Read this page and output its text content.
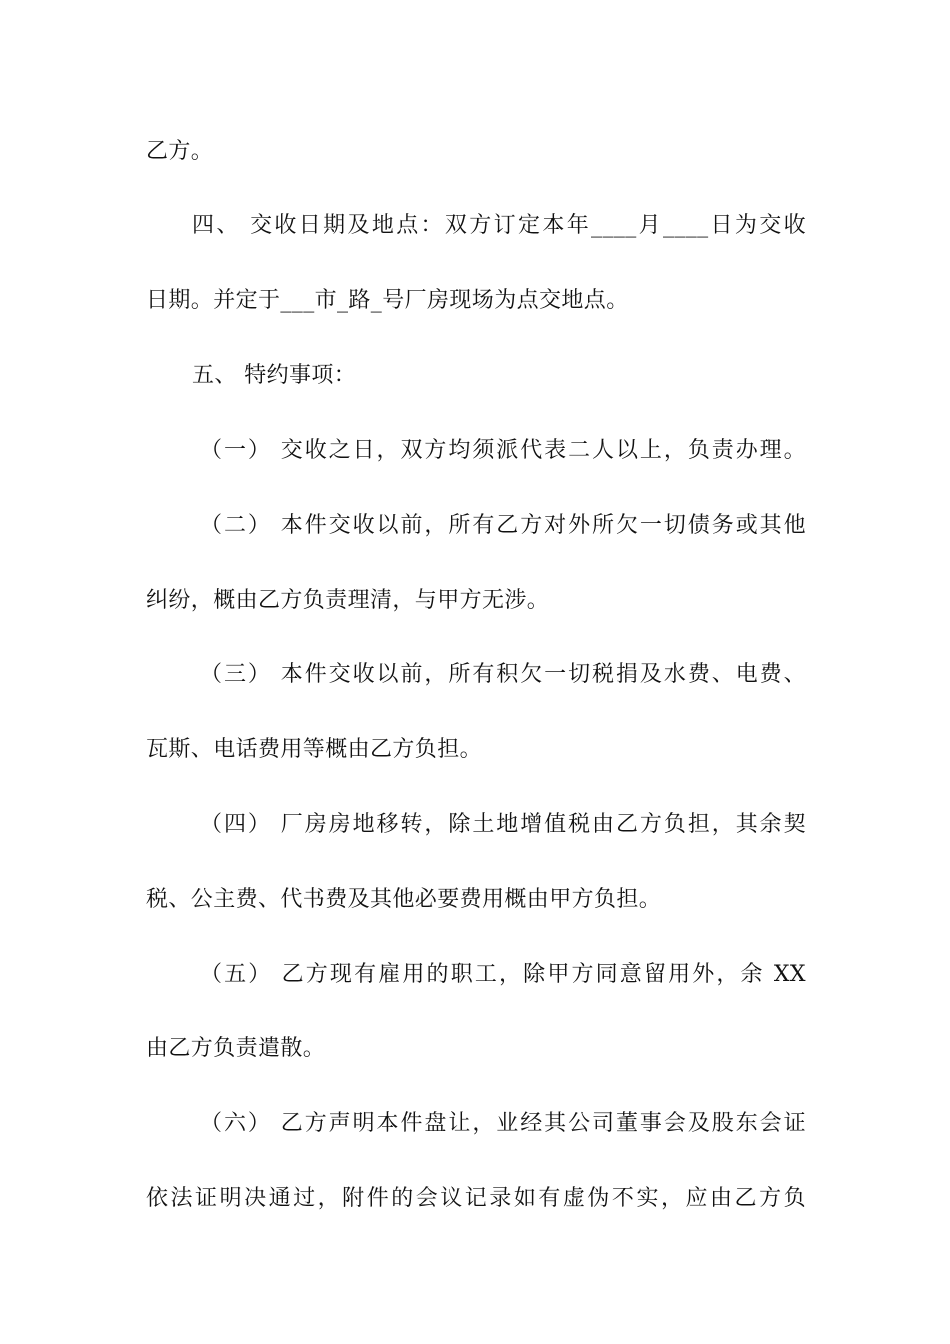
乙方。
四、 交收日期及地点：双方订定本年____月____日为交收
日期。并定于___市_路_号厂房现场为点交地点。
五、 特约事项：
（一） 交收之日，双方均须派代表二人以上，负责办理。
（二） 本件交收以前，所有乙方对外所欠一切债务或其他
纠纷，概由乙方负责理清，与甲方无涉。
（三） 本件交收以前，所有积欠一切税捐及水费、电费、
瓦斯、电话费用等概由乙方负担。
（四） 厂房房地移转，除土地增值税由乙方负担，其余契
税、公主费、代书费及其他必要费用概由甲方负担。
（五） 乙方现有雇用的职工，除甲方同意留用外，余 XX
由乙方负责遣散。
（六） 乙方声明本件盘让，业经其公司董事会及股东会证
依法证明决通过，附件的会议记录如有虚伪不实，应由乙方负
